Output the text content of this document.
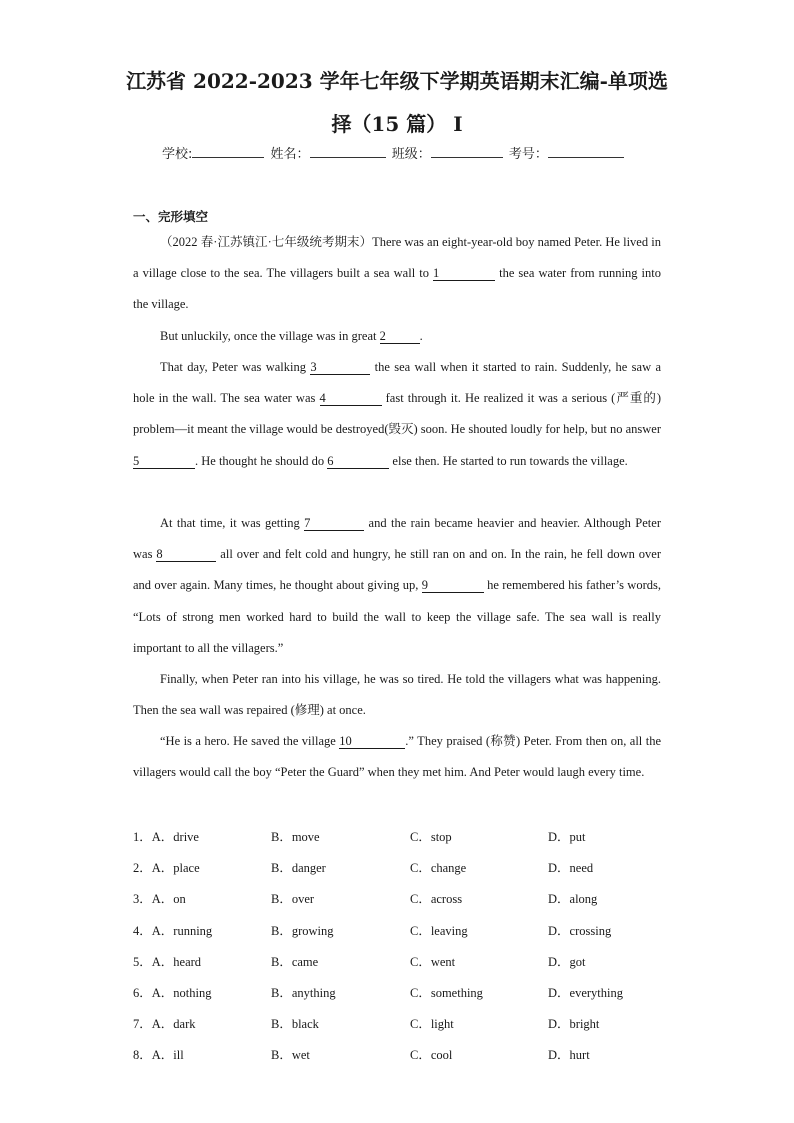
江苏省 2022-2023 学年七年级下学期英语期末汇编-单项选
择（15 篇） I
学校:	姓名：	班级：	考号：
一、完形填空
（2022 春·江苏镇江·七年级统考期末）There was an eight-year-old boy named Peter. He lived in a village close to the sea. The villagers built a sea wall to 1	the sea water from running into the village.
But unluckily, once the village was in great 2	.
That day, Peter was walking 3	the sea wall when it started to rain. Suddenly, he saw a hole in the wall. The sea water was 4	fast through it. He realized it was a serious (严重的) problem—it meant the village would be destroyed(毁灭) soon. He shouted loudly for help, but no answer 5	. He thought he should do 6	else then. He started to run towards the village.
At that time, it was getting 7	and the rain became heavier and heavier. Although Peter was 8	all over and felt cold and hungry, he still ran on and on. In the rain, he fell down over and over again. Many times, he thought about giving up, 9	he remembered his father’s words, “Lots of strong men worked hard to build the wall to keep the village safe. The sea wall is really important to all the villagers.”
Finally, when Peter ran into his village, he was so tired. He told the villagers what was happening. Then the sea wall was repaired (修理) at once.
“He is a hero. He saved the village 10	.” They praised (称赞) Peter. From then on, all the villagers would call the boy “Peter the Guard” when they met him. And Peter would laugh every time.
1．A．drive	B．move	C．stop	D．put
2．A．place	B．danger	C．change	D．need
3．A．on	B．over	C．across	D．along
4．A．running	B．growing	C．leaving	D．crossing
5．A．heard	B．came	C．went	D．got
6．A．nothing	B．anything	C．something	D．everything
7．A．dark	B．black	C．light	D．bright
8．A．ill	B．wet	C．cool	D．hurt
